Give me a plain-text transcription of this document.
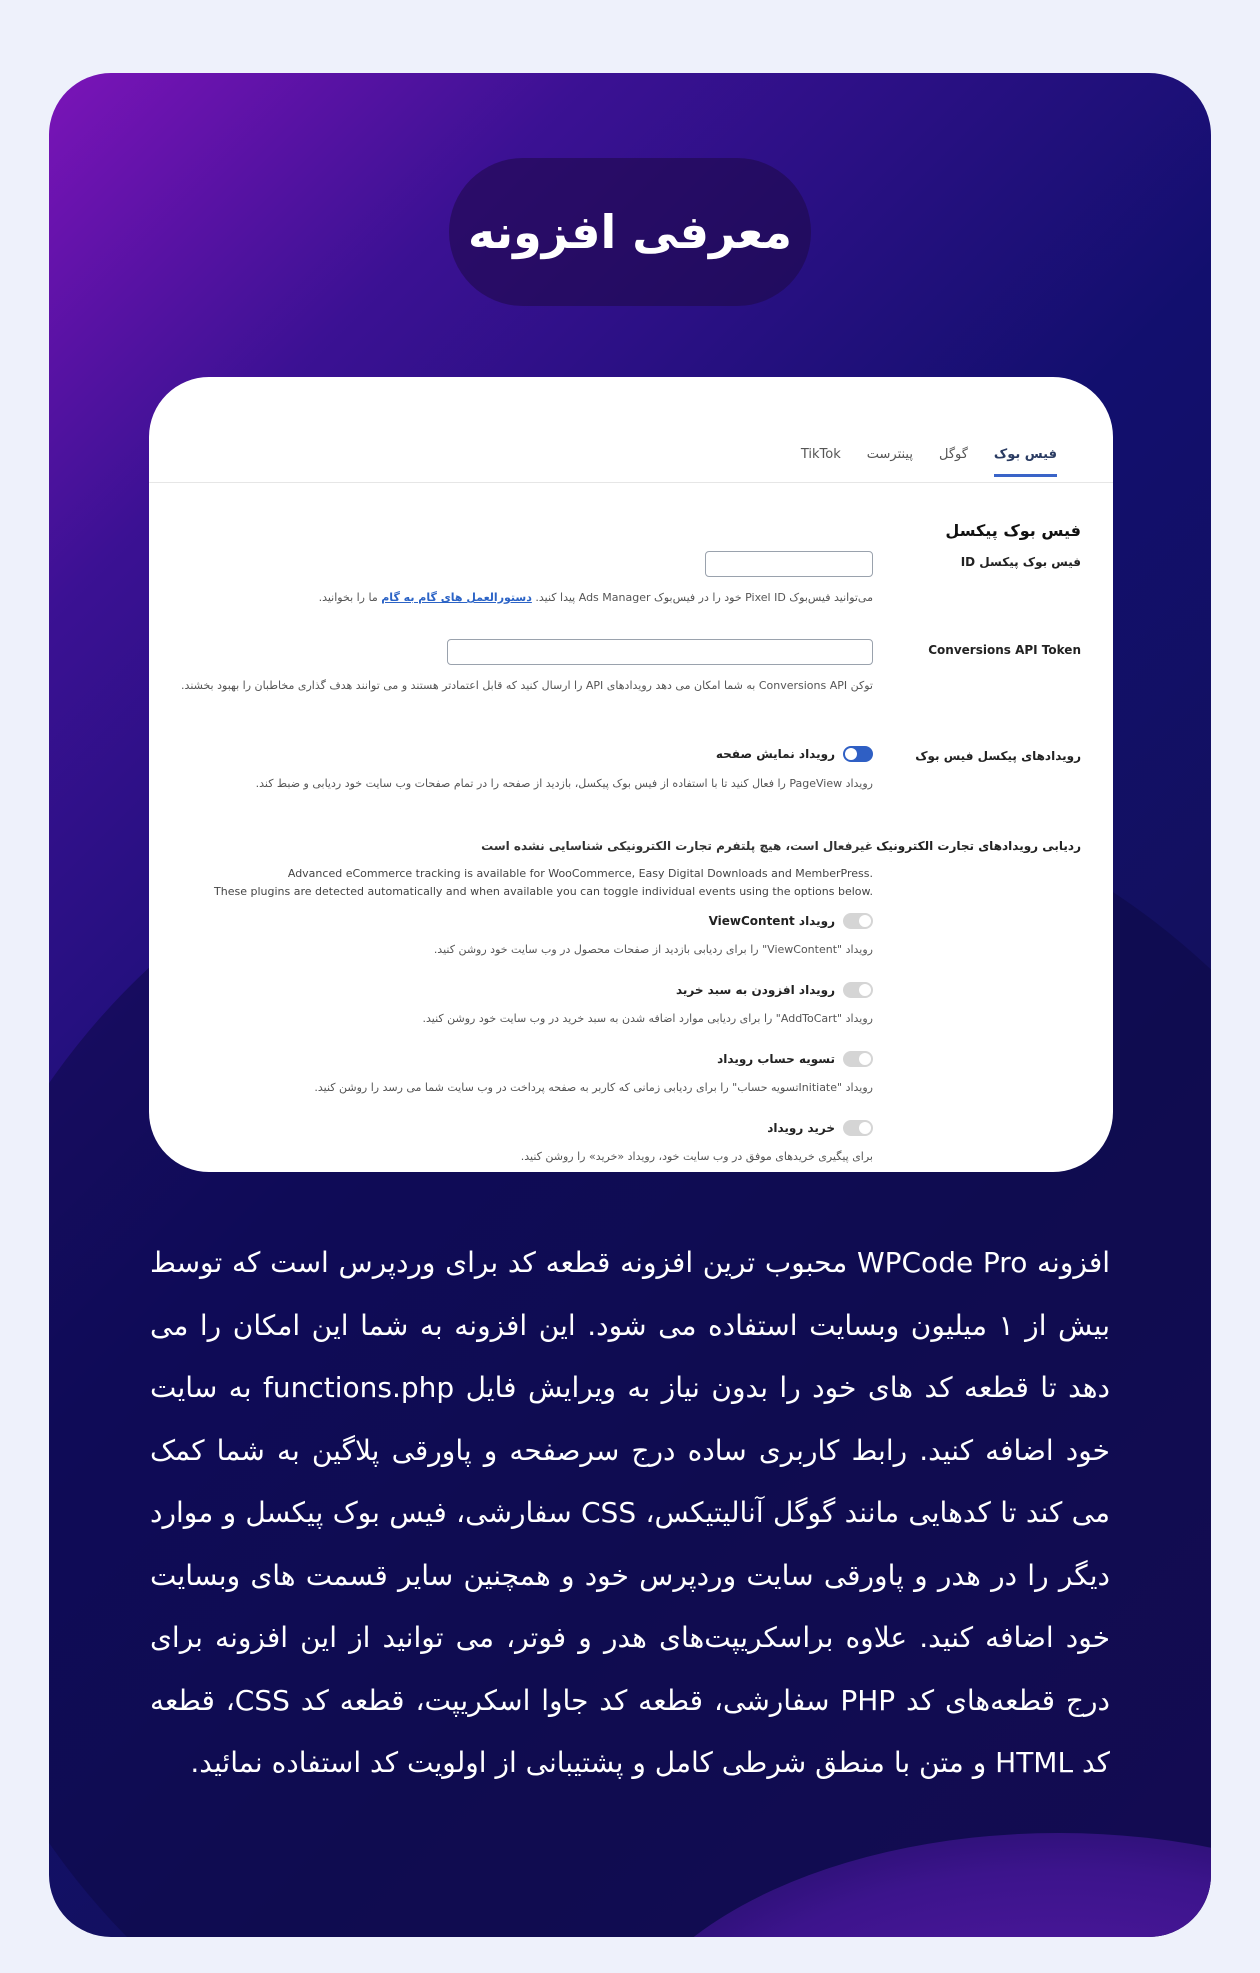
معرفی افزونه
فیس بوک
گوگل
پینترست
TikTok
فیس بوک پیکسل
فیس بوک پیکسل ID
می‌توانید فیس‌بوک Pixel ID خود را در فیس‌بوک Ads Manager پیدا کنید. دستورالعمل های گام به گام ما را بخوانید.
Conversions API Token
توکن Conversions API به شما امکان می دهد رویدادهای API را ارسال کنید که قابل اعتمادتر هستند و می توانند هدف گذاری مخاطبان را بهبود بخشند.
رویدادهای پیکسل فیس بوک
رویداد نمایش صفحه
رویداد PageView را فعال کنید تا با استفاده از فیس بوک پیکسل، بازدید از صفحه را در تمام صفحات وب سایت خود ردیابی و ضبط کند.
ردیابی رویدادهای تجارت الکترونیک
غیرفعال است، هیچ پلتفرم تجارت الکترونیکی شناسایی نشده است
Advanced eCommerce tracking is available for WooCommerce, Easy Digital Downloads and MemberPress.
These plugins are detected automatically and when available you can toggle individual events using the options below.
رویداد ViewContent
رویداد "ViewContent" را برای ردیابی بازدید از صفحات محصول در وب سایت خود روشن کنید.
رویداد افزودن به سبد خرید
رویداد "AddToCart" را برای ردیابی موارد اضافه شدن به سبد خرید در وب سایت خود روشن کنید.
تسویه حساب رویداد
رویداد "Initiateتسویه حساب" را برای ردیابی زمانی که کاربر به صفحه پرداخت در وب سایت شما می رسد را روشن کنید.
خرید رویداد
برای پیگیری خریدهای موفق در وب سایت خود، رویداد «خرید» را روشن کنید.
افزونه WPCode Pro محبوب ترین افزونه قطعه کد برای وردپرس است که توسط بیش از ۱ میلیون وبسایت استفاده می شود. این افزونه به شما این امکان را می دهد تا قطعه کد های خود را بدون نیاز به ویرایش فایل functions.php به سایت خود اضافه کنید. رابط کاربری ساده درج سرصفحه و پاورقی پلاگین به شما کمک می کند تا کدهایی مانند گوگل آنالیتیکس، CSS سفارشی، فیس بوک پیکسل و موارد دیگر را در هدر و پاورقی سایت وردپرس خود و همچنین سایر قسمت های وبسایت خود اضافه کنید. علاوه براسکریپت‌های هدر و فوتر، می توانید از این افزونه برای درج قطعه‌های کد PHP سفارشی، قطعه کد جاوا اسکریپت، قطعه کد CSS، قطعه کد HTML و متن با منطق شرطی کامل و پشتیبانی از اولویت کد استفاده نمائید.
